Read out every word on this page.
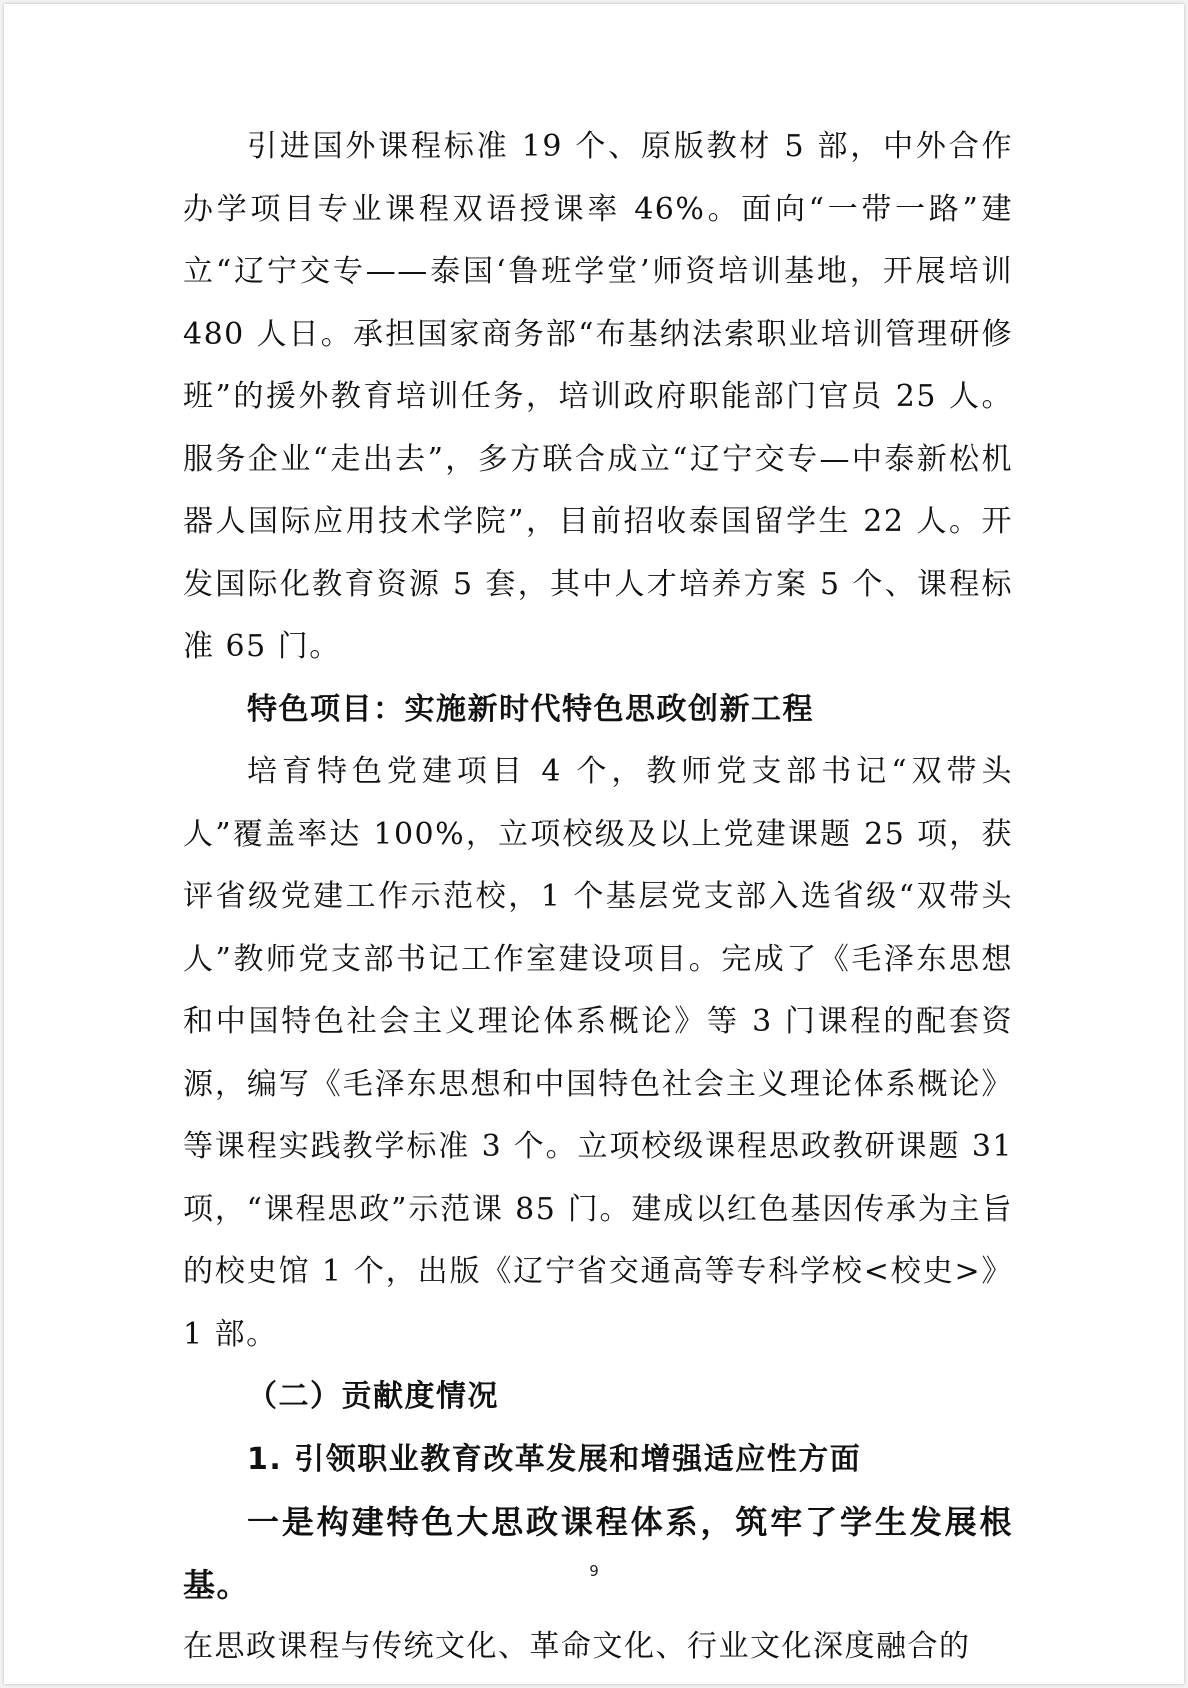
引进国外课程标准 19 个、原版教材 5 部，中外合作办学项目专业课程双语授课率 46%。面向“一带一路”建立“辽宁交专——泰国‘鲁班学堂’师资培训基地，开展培训 480 人日。承担国家商务部“布基纳法索职业培训管理研修班”的援外教育培训任务，培训政府职能部门官员 25 人。服务企业“走出去”，多方联合成立“辽宁交专—中泰新松机器人国际应用技术学院”，目前招收泰国留学生 22 人。开发国际化教育资源 5 套，其中人才培养方案 5 个、课程标准 65 门。

特色项目：实施新时代特色思政创新工程

培育特色党建项目 4 个，教师党支部书记“双带头人”覆盖率达 100%，立项校级及以上党建课题 25 项，获评省级党建工作示范校，1 个基层党支部入选省级“双带头人”教师党支部书记工作室建设项目。完成了《毛泽东思想和中国特色社会主义理论体系概论》等 3 门课程的配套资源，编写《毛泽东思想和中国特色社会主义理论体系概论》等课程实践教学标准 3 个。立项校级课程思政教研课题 31 项，“课程思政”示范课 85 门。建成以红色基因传承为主旨的校史馆 1 个，出版《辽宁省交通高等专科学校<校史>》1 部。

（二）贡献度情况

1. 引领职业教育改革发展和增强适应性方面

一是构建特色大思政课程体系，筑牢了学生发展根基。

在思政课程与传统文化、革命文化、行业文化深度融合的

9
